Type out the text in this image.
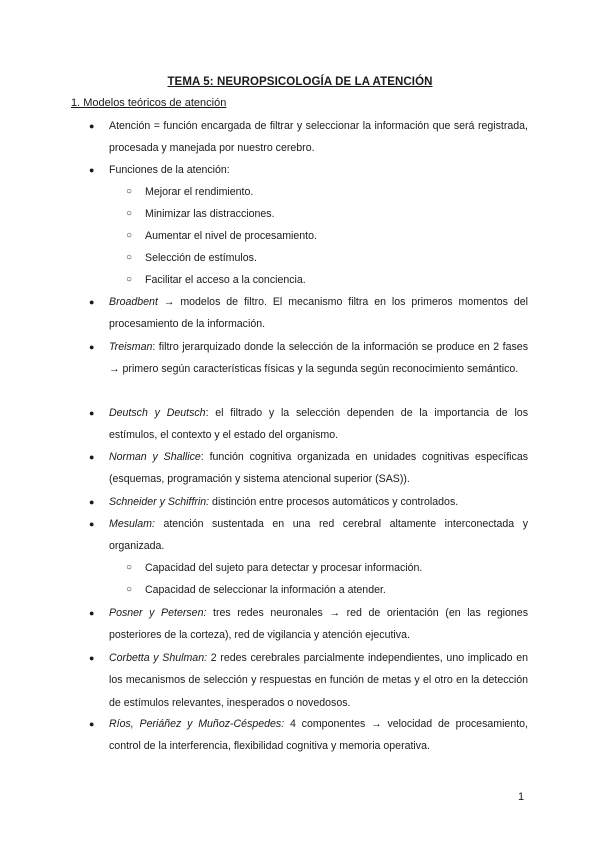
TEMA 5: NEUROPSICOLOGÍA DE LA ATENCIÓN
1. Modelos teóricos de atención
● Atención = función encargada de filtrar y seleccionar la información que será registrada, procesada y manejada por nuestro cerebro.
● Funciones de la atención:
○ Mejorar el rendimiento.
○ Minimizar las distracciones.
○ Aumentar el nivel de procesamiento.
○ Selección de estímulos.
○ Facilitar el acceso a la conciencia.
● Broadbent → modelos de filtro. El mecanismo filtra en los primeros momentos del procesamiento de la información.
● Treisman: filtro jerarquizado donde la selección de la información se produce en 2 fases → primero según características físicas y la segunda según reconocimiento semántico.
● Deutsch y Deutsch: el filtrado y la selección dependen de la importancia de los estímulos, el contexto y el estado del organismo.
● Norman y Shallice: función cognitiva organizada en unidades cognitivas específicas (esquemas, programación y sistema atencional superior (SAS)).
● Schneider y Schiffrin: distinción entre procesos automáticos y controlados.
● Mesulam: atención sustentada en una red cerebral altamente interconectada y organizada.
○ Capacidad del sujeto para detectar y procesar información.
○ Capacidad de seleccionar la información a atender.
● Posner y Petersen: tres redes neuronales → red de orientación (en las regiones posteriores de la corteza), red de vigilancia y atención ejecutiva.
● Corbetta y Shulman: 2 redes cerebrales parcialmente independientes, uno implicado en los mecanismos de selección y respuestas en función de metas y el otro en la detección de estímulos relevantes, inesperados o novedosos.
● Ríos, Periáñez y Muñoz-Céspedes: 4 componentes → velocidad de procesamiento, control de la interferencia, flexibilidad cognitiva y memoria operativa.
1
